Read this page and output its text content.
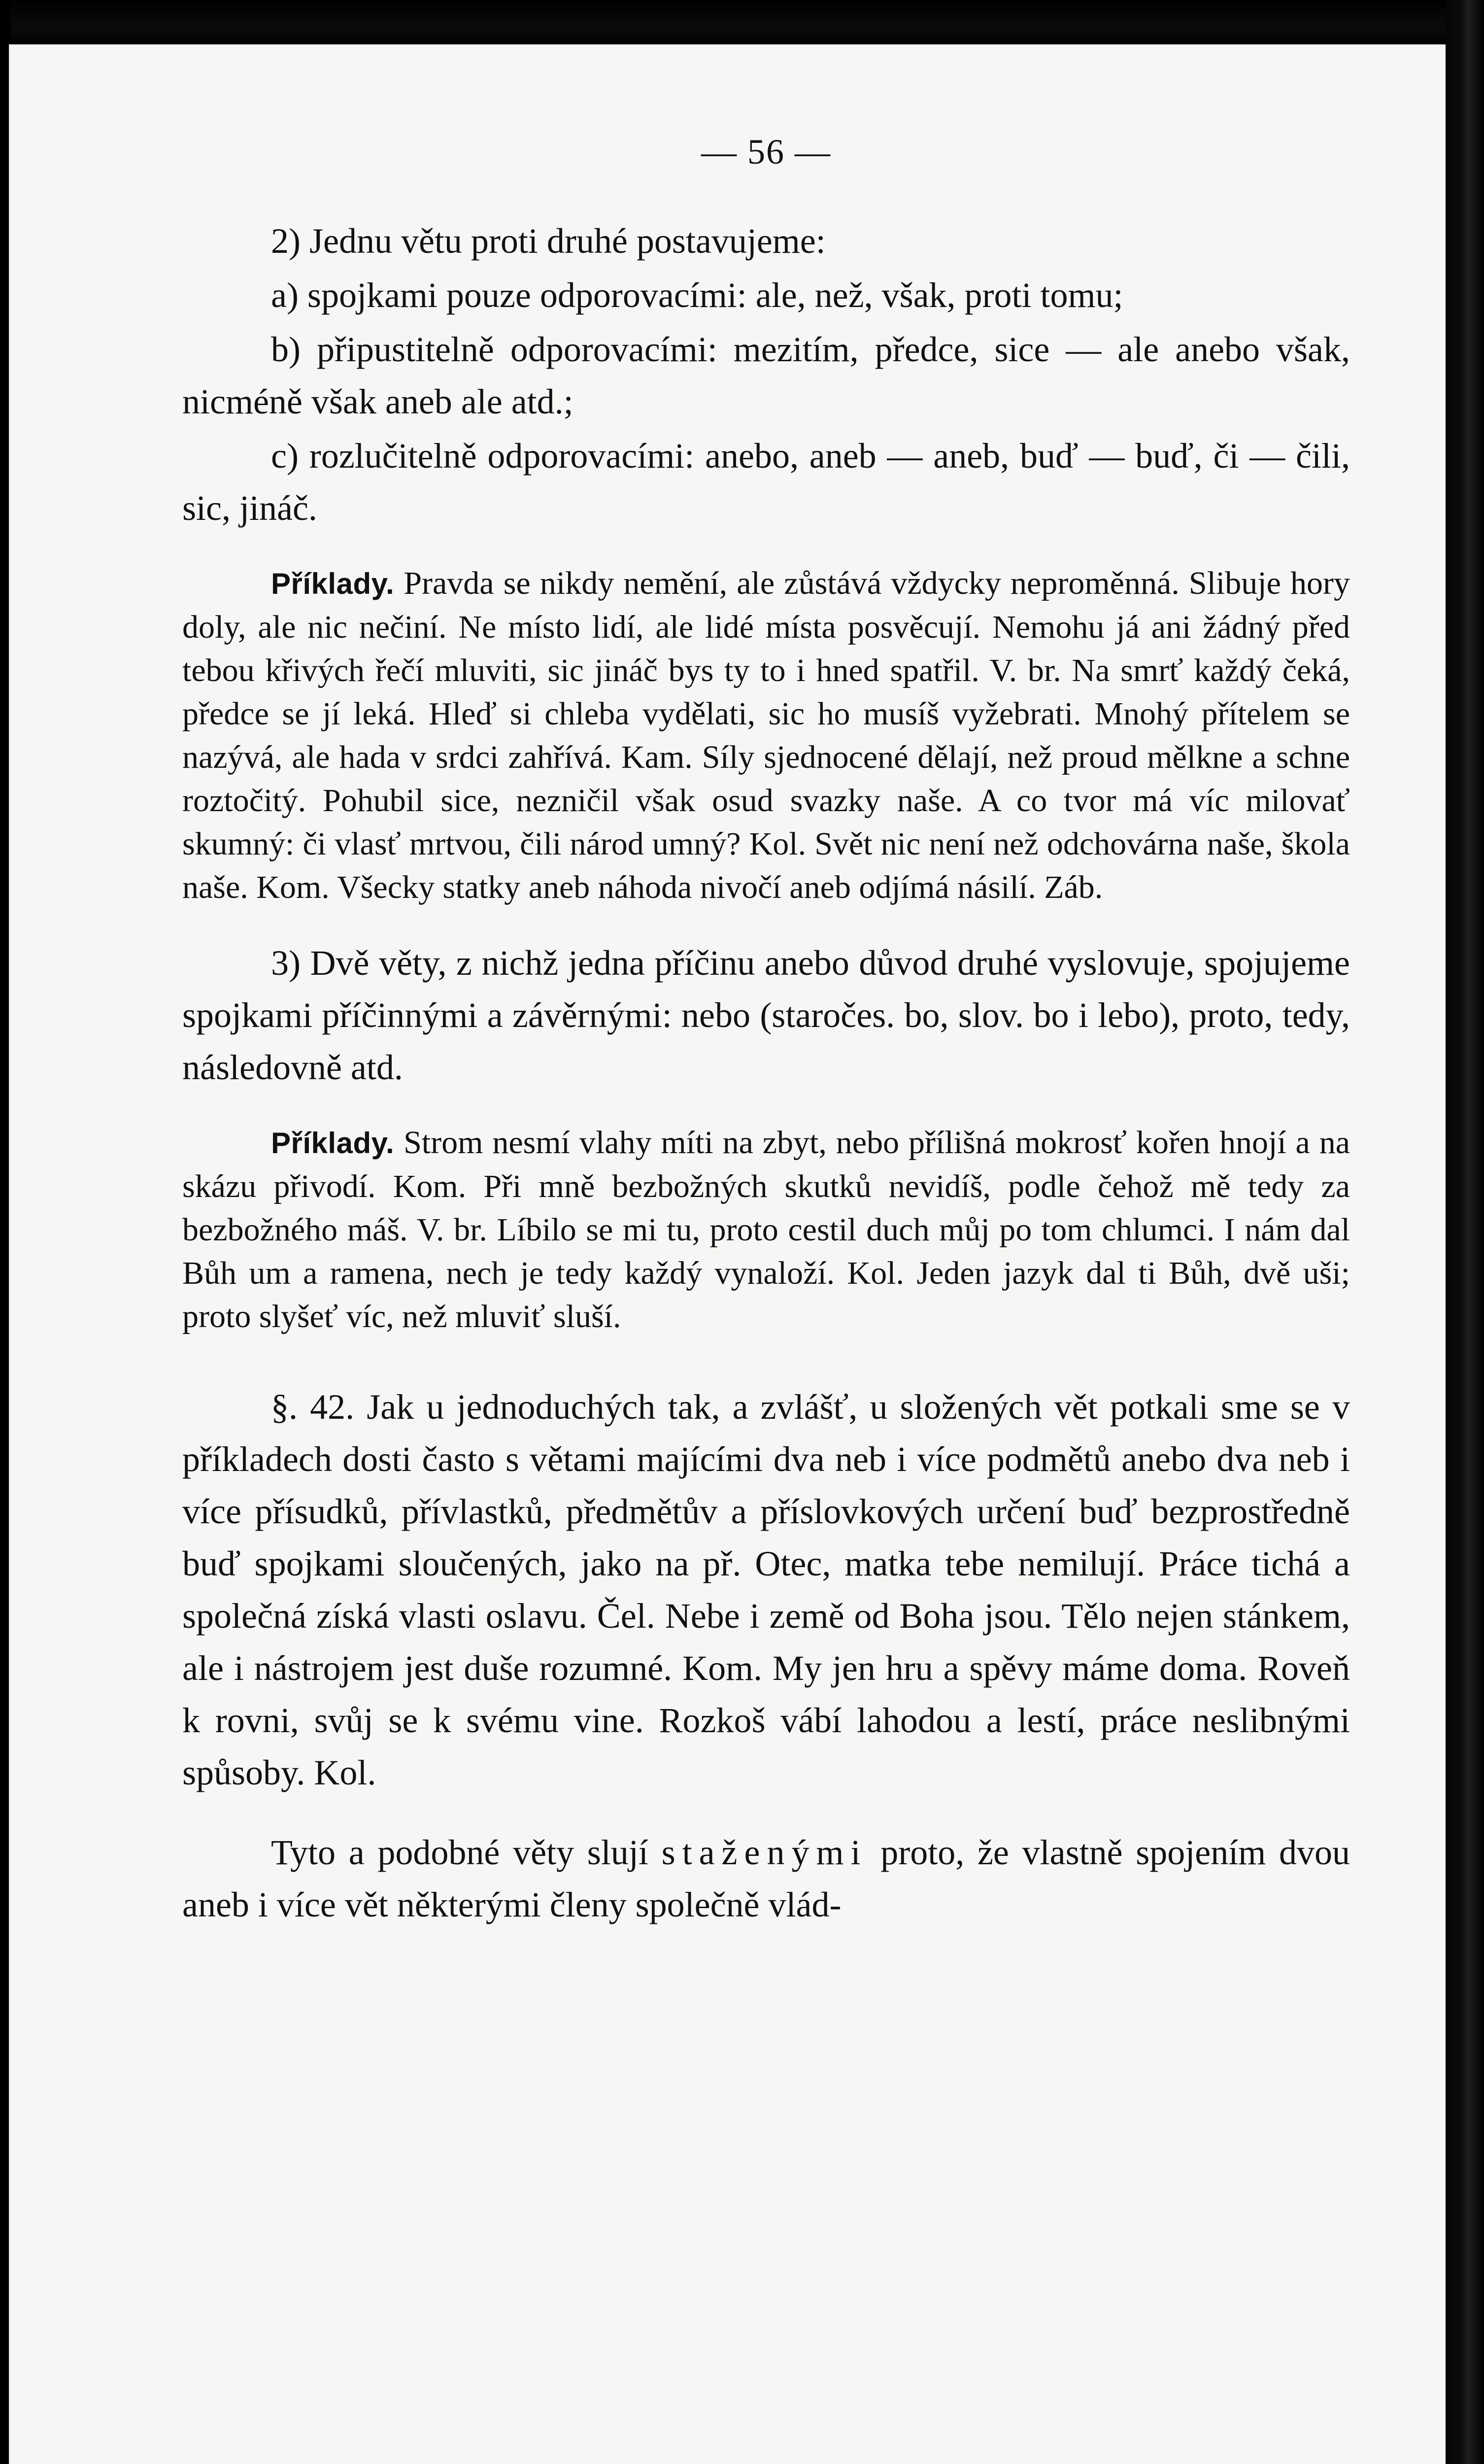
— 56 —

2) Jednu větu proti druhé postavujeme:

a) spojkami pouze odporovacími: ale, než, však, proti tomu;

b) připustitelně odporovacími: mezitím, předce, sice — ale anebo však, nicméně však aneb ale atd.;

c) rozlučitelně odporovacími: anebo, aneb — aneb, buď — buď, či — čili, sic, jináč.

Příklady. Pravda se nikdy nemění, ale zůstává vždycky neproměnná. Slibuje hory doly, ale nic nečiní. Ne místo lidí, ale lidé místa posvěcují. Nemohu já ani žádný před tebou křivých řečí mluviti, sic jináč bys ty to i hned spatřil. V. br. Na smrť každý čeká, předce se jí leká. Hleď si chleba vydělati, sic ho musíš vyžebrati. Mnohý přítelem se nazývá, ale hada v srdci zahřívá. Kam. Síly sjednocené dělají, než proud mělkne a schne roztočitý. Pohubil sice, nezničil však osud svazky naše. A co tvor má víc milovať skumný: či vlasť mrtvou, čili národ umný? Kol. Svět nic není než odchovárna naše, škola naše. Kom. Všecky statky aneb náhoda nivočí aneb odjímá násilí. Záb.

3) Dvě věty, z nichž jedna příčinu anebo důvod druhé vyslovuje, spojujeme spojkami příčinnými a závěrnými: nebo (staročes. bo, slov. bo i lebo), proto, tedy, následovně atd.

Příklady. Strom nesmí vlahy míti na zbyt, nebo přílišná mokrosť kořen hnojí a na skázu přivodí. Kom. Při mně bezbožných skutků nevidíš, podle čehož mě tedy za bezbožného máš. V. br. Líbilo se mi tu, proto cestil duch můj po tom chlumci. I nám dal Bůh um a ramena, nech je tedy každý vynaloží. Kol. Jeden jazyk dal ti Bůh, dvě uši; proto slyšeť víc, než mluviť sluší.

§. 42. Jak u jednoduchých tak, a zvlášť, u složených vět potkali sme se v příkladech dosti často s větami majícími dva neb i více podmětů anebo dva neb i více přísudků, přívlastků, předmětův a příslovkových určení buď bezprostředně buď spojkami sloučených, jako na př. Otec, matka tebe nemilují. Práce tichá a společná získá vlasti oslavu. Čel. Nebe i země od Boha jsou. Tělo nejen stánkem, ale i nástrojem jest duše rozumné. Kom. My jen hru a spěvy máme doma. Roveň k rovni, svůj se k svému vine. Rozkoš vábí lahodou a lestí, práce neslibnými spůsoby. Kol.

Tyto a podobné věty slují staženými proto, že vlastně spojením dvou aneb i více vět některými členy společně vlád-
